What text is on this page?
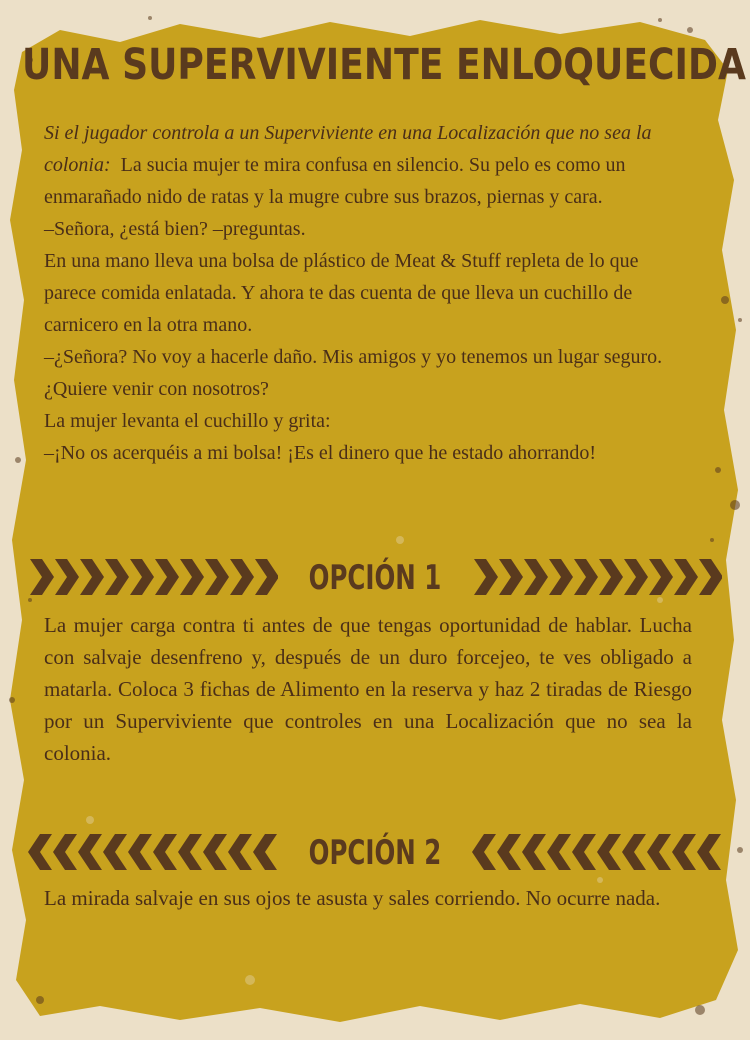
UNA SUPERVIVIENTE ENLOQUECIDA

Si el jugador controla a un Superviviente en una Localización que no sea la colonia: La sucia mujer te mira confusa en silencio. Su pelo es como un enmarañado nido de ratas y la mugre cubre sus brazos, piernas y cara.

–Señora, ¿está bien? –preguntas.

En una mano lleva una bolsa de plástico de Meat & Stuff repleta de lo que parece comida enlatada. Y ahora te das cuenta de que lleva un cuchillo de carnicero en la otra mano.

–¿Señora? No voy a hacerle daño. Mis amigos y yo tenemos un lugar seguro. ¿Quiere venir con nosotros?

La mujer levanta el cuchillo y grita:

–¡No os acerquéis a mi bolsa! ¡Es el dinero que he estado ahorrando!

OPCIÓN 1

La mujer carga contra ti antes de que tengas oportunidad de hablar. Lucha con salvaje desenfreno y, después de un duro forcejeo, te ves obligado a matarla. Coloca 3 fichas de Alimento en la reserva y haz 2 tiradas de Riesgo por un Superviviente que controles en una Localización que no sea la colonia.

OPCIÓN 2

La mirada salvaje en sus ojos te asusta y sales corriendo. No ocurre nada.
